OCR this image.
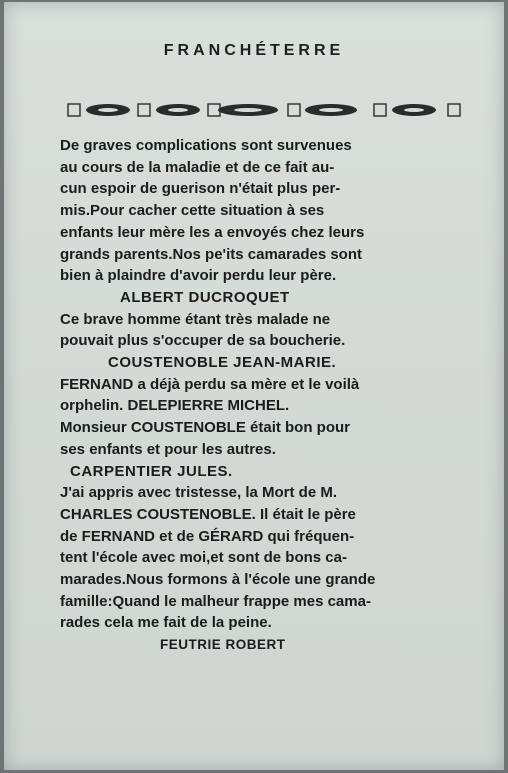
FRANCHÉTERRE
De graves complications sont survenues
au cours de la maladie et de ce fait au-
cun espoir de guerison n'était plus per-
mis.Pour cacher cette situation à ses
enfants leur mère les a envoyés chez leurs
grands parents.Nos pe'its camarades sont
bien à plaindre d'avoir perdu leur père.
ALBERT DUCROQUET
Ce brave homme étant très malade ne
pouvait plus s'occuper de sa boucherie.
COUSTENOBLE JEAN-MARIE.
FERNAND a déjà perdu sa mère et le voilà
orphelin. DELEPIERRE MICHEL.
Monsieur COUSTENOBLE était bon pour
ses enfants et pour les autres.
CARPENTIER JULES.
J'ai appris avec tristesse, la Mort de M.
CHARLES COUSTENOBLE. Il était le père
de FERNAND et de GÉRARD qui fréquen-
tent l'école avec moi,et sont de bons ca-
marades.Nous formons à l'école une grande
famille:Quand le malheur frappe mes cama-
rades cela me fait de la peine.
FEUTRIE ROBERT
